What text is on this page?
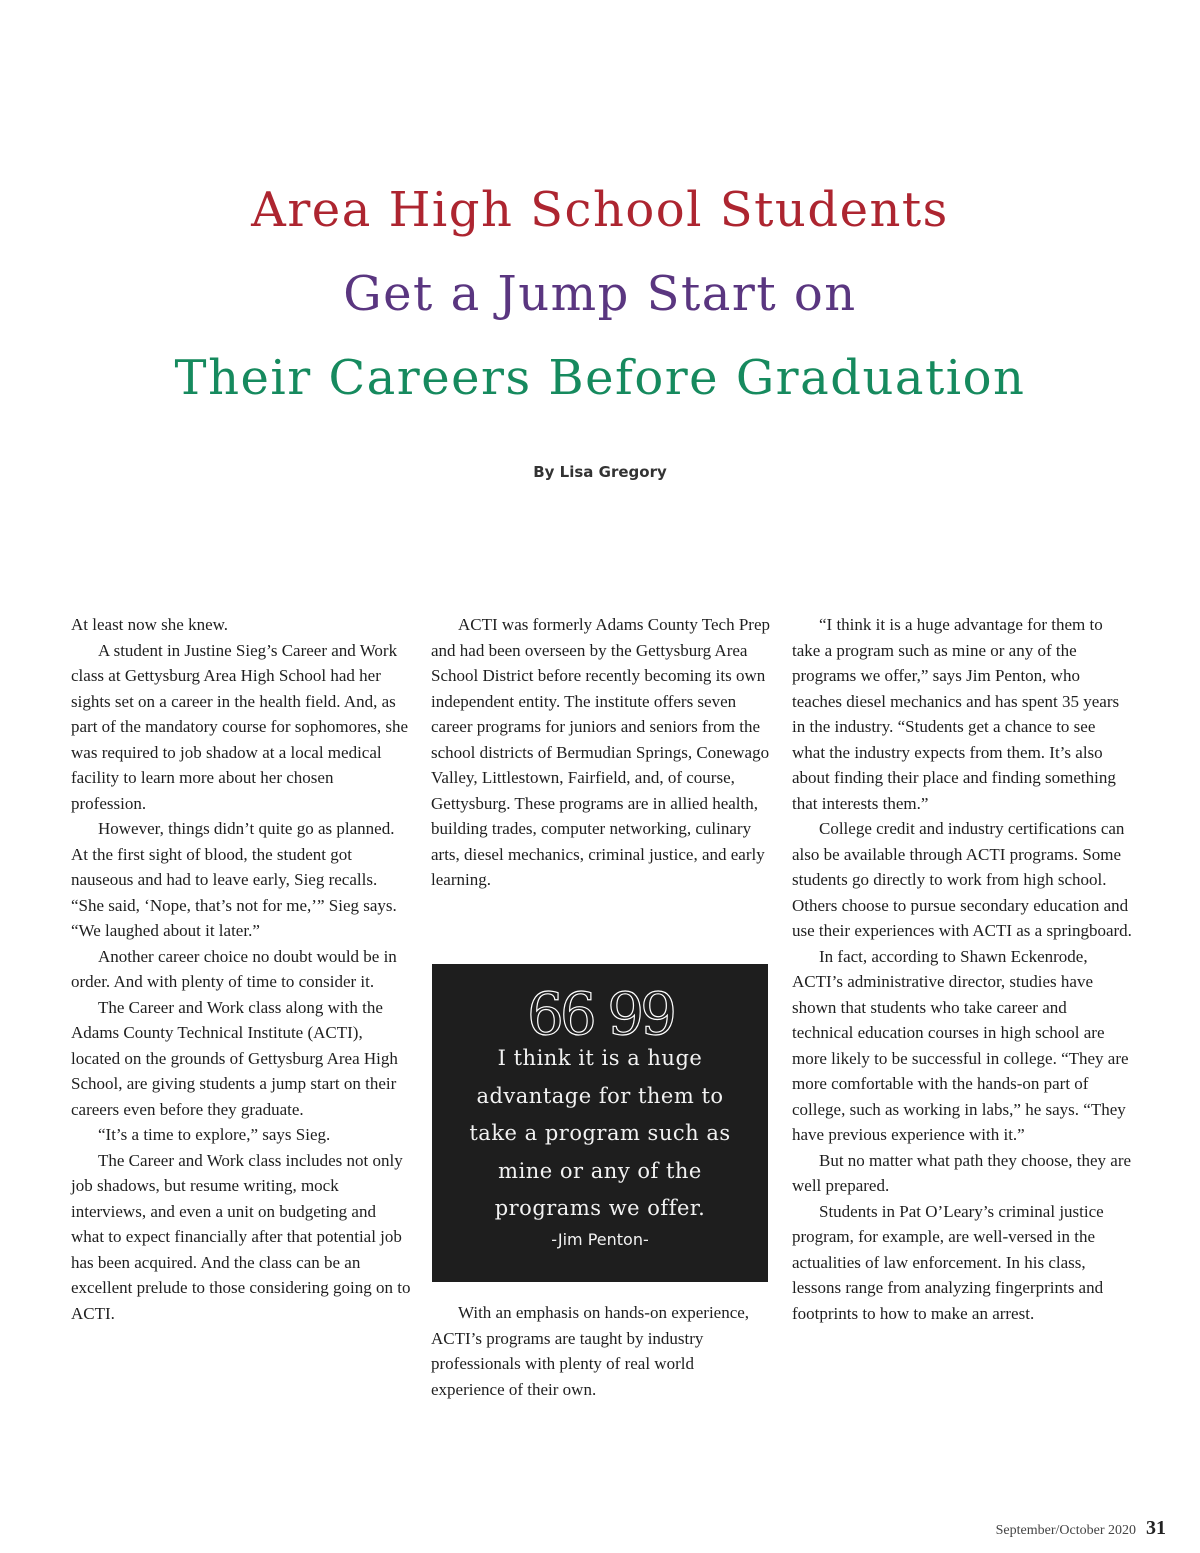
Area High School Students
Get a Jump Start on
Their Careers Before Graduation
By Lisa Gregory

At least now she knew.

A student in Justine Sieg’s Career and Work class at Gettysburg Area High School had her sights set on a career in the health field. And, as part of the mandatory course for sophomores, she was required to job shadow at a local medical facility to learn more about her chosen profession.

However, things didn’t quite go as planned. At the first sight of blood, the student got nauseous and had to leave early, Sieg recalls. “She said, ‘Nope, that’s not for me,’” Sieg says. “We laughed about it later.”

Another career choice no doubt would be in order. And with plenty of time to consider it.

The Career and Work class along with the Adams County Technical Institute (ACTI), located on the grounds of Gettysburg Area High School, are giving students a jump start on their careers even before they graduate.

“It’s a time to explore,” says Sieg.

The Career and Work class includes not only job shadows, but resume writing, mock interviews, and even a unit on budgeting and what to expect financially after that potential job has been acquired. And the class can be an excellent prelude to those considering going on to ACTI.

ACTI was formerly Adams County Tech Prep and had been overseen by the Gettysburg Area School District before recently becoming its own independent entity. The institute offers seven career programs for juniors and seniors from the school districts of Bermudian Springs, Conewago Valley, Littlestown, Fairfield, and, of course, Gettysburg. These programs are in allied health, building trades, computer networking, culinary arts, diesel mechanics, criminal justice, and early learning.

66 99
I think it is a huge advantage for them to take a program such as mine or any of the programs we offer.
-Jim Penton-

With an emphasis on hands-on experience, ACTI’s programs are taught by industry professionals with plenty of real world experience of their own.

“I think it is a huge advantage for them to take a program such as mine or any of the programs we offer,” says Jim Penton, who teaches diesel mechanics and has spent 35 years in the industry. “Students get a chance to see what the industry expects from them. It’s also about finding their place and finding something that interests them.”

College credit and industry certifications can also be available through ACTI programs. Some students go directly to work from high school. Others choose to pursue secondary education and use their experiences with ACTI as a springboard.

In fact, according to Shawn Eckenrode, ACTI’s administrative director, studies have shown that students who take career and technical education courses in high school are more likely to be successful in college. “They are more comfortable with the hands-on part of college, such as working in labs,” he says. “They have previous experience with it.”

But no matter what path they choose, they are well prepared.

Students in Pat O’Leary’s criminal justice program, for example, are well-versed in the actualities of law enforcement. In his class, lessons range from analyzing fingerprints and footprints to how to make an arrest.

September/October 2020 31
